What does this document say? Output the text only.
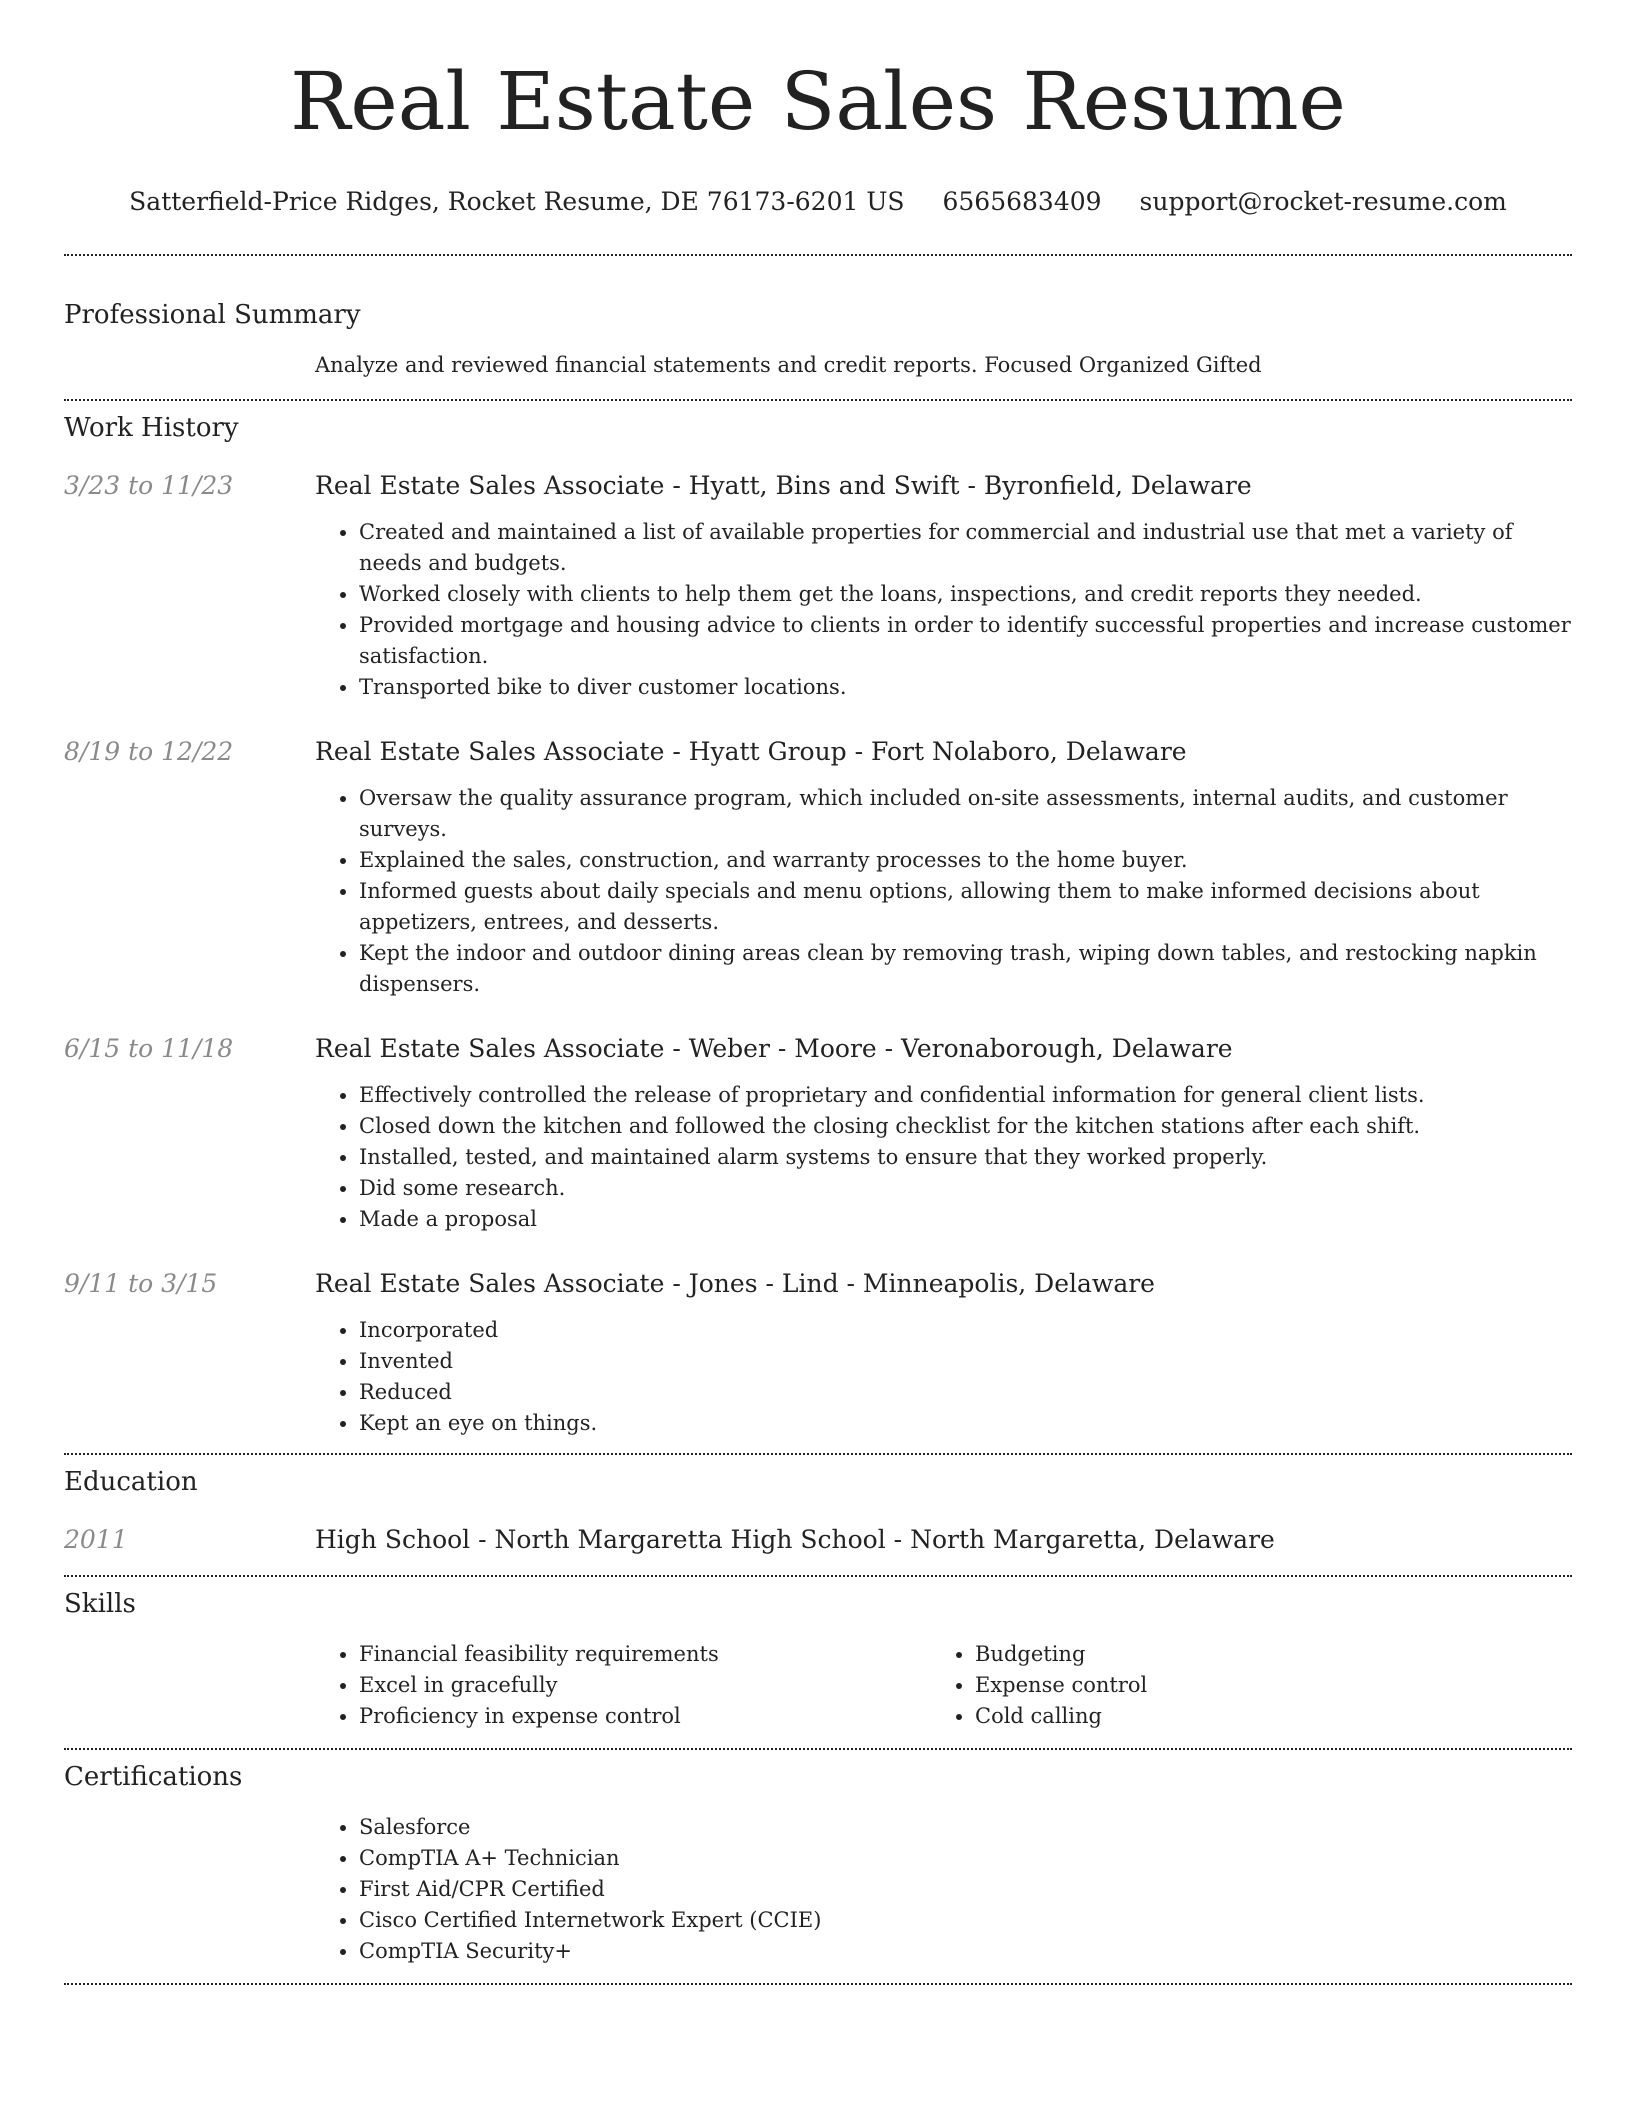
Real Estate Sales Resume
Satterfield-Price Ridges, Rocket Resume, DE 76173-6201 US 6565683409 support@rocket-resume.com
Professional Summary
Analyze and reviewed financial statements and credit reports. Focused Organized Gifted
Work History
3/23 to 11/23	Real Estate Sales Associate - Hyatt, Bins and Swift - Byronfield, Delaware
• Created and maintained a list of available properties for commercial and industrial use that met a variety of needs and budgets.
• Worked closely with clients to help them get the loans, inspections, and credit reports they needed.
• Provided mortgage and housing advice to clients in order to identify successful properties and increase customer satisfaction.
• Transported bike to diver customer locations.
8/19 to 12/22	Real Estate Sales Associate - Hyatt Group - Fort Nolaboro, Delaware
• Oversaw the quality assurance program, which included on-site assessments, internal audits, and customer surveys.
• Explained the sales, construction, and warranty processes to the home buyer.
• Informed guests about daily specials and menu options, allowing them to make informed decisions about appetizers, entrees, and desserts.
• Kept the indoor and outdoor dining areas clean by removing trash, wiping down tables, and restocking napkin dispensers.
6/15 to 11/18	Real Estate Sales Associate - Weber - Moore - Veronaborough, Delaware
• Effectively controlled the release of proprietary and confidential information for general client lists.
• Closed down the kitchen and followed the closing checklist for the kitchen stations after each shift.
• Installed, tested, and maintained alarm systems to ensure that they worked properly.
• Did some research.
• Made a proposal
9/11 to 3/15	Real Estate Sales Associate - Jones - Lind - Minneapolis, Delaware
• Incorporated
• Invented
• Reduced
• Kept an eye on things.
Education
2011	High School - North Margaretta High School - North Margaretta, Delaware
Skills
• Financial feasibility requirements
• Excel in gracefully
• Proficiency in expense control
• Budgeting
• Expense control
• Cold calling
Certifications
• Salesforce
• CompTIA A+ Technician
• First Aid/CPR Certified
• Cisco Certified Internetwork Expert (CCIE)
• CompTIA Security+
